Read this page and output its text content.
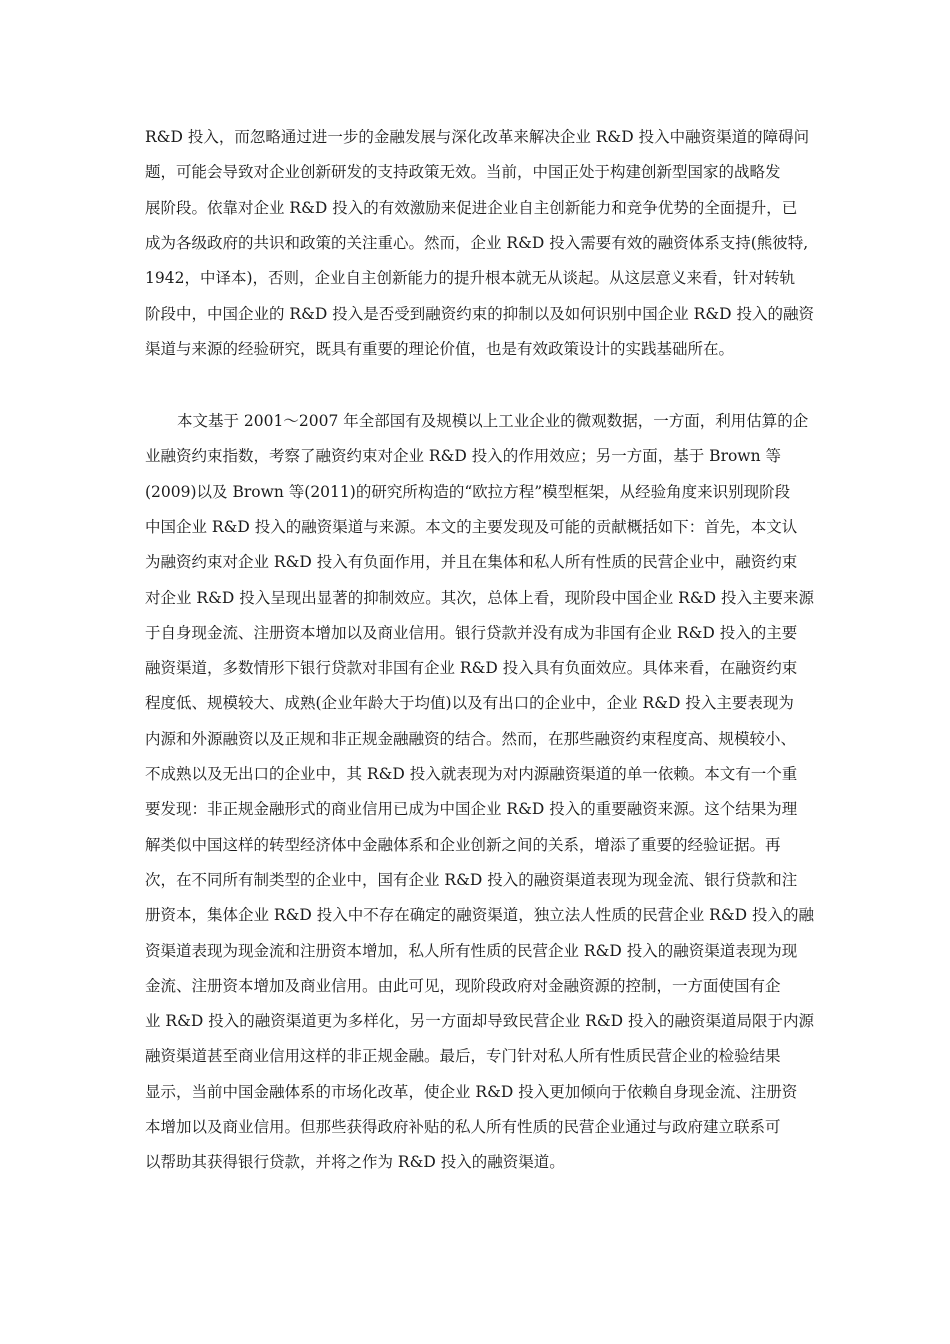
R&D 投入，而忽略通过进一步的金融发展与深化改革来解决企业 R&D 投入中融资渠道的障碍问
题，可能会导致对企业创新研发的支持政策无效。当前，中国正处于构建创新型国家的战略发
展阶段。依靠对企业 R&D 投入的有效激励来促进企业自主创新能力和竞争优势的全面提升，已
成为各级政府的共识和政策的关注重心。然而，企业 R&D 投入需要有效的融资体系支持(熊彼特,
1942，中译本)，否则，企业自主创新能力的提升根本就无从谈起。从这层意义来看，针对转轨
阶段中，中国企业的 R&D 投入是否受到融资约束的抑制以及如何识别中国企业 R&D 投入的融资
渠道与来源的经验研究，既具有重要的理论价值，也是有效政策设计的实践基础所在。
本文基于 2001～2007 年全部国有及规模以上工业企业的微观数据，一方面，利用估算的企
业融资约束指数，考察了融资约束对企业 R&D 投入的作用效应；另一方面，基于 Brown 等
(2009)以及 Brown 等(2011)的研究所构造的“欧拉方程”模型框架，从经验角度来识别现阶段
中国企业 R&D 投入的融资渠道与来源。本文的主要发现及可能的贡献概括如下：首先，本文认
为融资约束对企业 R&D 投入有负面作用，并且在集体和私人所有性质的民营企业中，融资约束
对企业 R&D 投入呈现出显著的抑制效应。其次，总体上看，现阶段中国企业 R&D 投入主要来源
于自身现金流、注册资本增加以及商业信用。银行贷款并没有成为非国有企业 R&D 投入的主要
融资渠道，多数情形下银行贷款对非国有企业 R&D 投入具有负面效应。具体来看，在融资约束
程度低、规模较大、成熟(企业年龄大于均值)以及有出口的企业中，企业 R&D 投入主要表现为
内源和外源融资以及正规和非正规金融融资的结合。然而，在那些融资约束程度高、规模较小、
不成熟以及无出口的企业中，其 R&D 投入就表现为对内源融资渠道的单一依赖。本文有一个重
要发现：非正规金融形式的商业信用已成为中国企业 R&D 投入的重要融资来源。这个结果为理
解类似中国这样的转型经济体中金融体系和企业创新之间的关系，增添了重要的经验证据。再
次，在不同所有制类型的企业中，国有企业 R&D 投入的融资渠道表现为现金流、银行贷款和注
册资本，集体企业 R&D 投入中不存在确定的融资渠道，独立法人性质的民营企业 R&D 投入的融
资渠道表现为现金流和注册资本增加，私人所有性质的民营企业 R&D 投入的融资渠道表现为现
金流、注册资本增加及商业信用。由此可见，现阶段政府对金融资源的控制，一方面使国有企
业 R&D 投入的融资渠道更为多样化，另一方面却导致民营企业 R&D 投入的融资渠道局限于内源
融资渠道甚至商业信用这样的非正规金融。最后，专门针对私人所有性质民营企业的检验结果
显示，当前中国金融体系的市场化改革，使企业 R&D 投入更加倾向于依赖自身现金流、注册资
本增加以及商业信用。但那些获得政府补贴的私人所有性质的民营企业通过与政府建立联系可
以帮助其获得银行贷款，并将之作为 R&D 投入的融资渠道。
